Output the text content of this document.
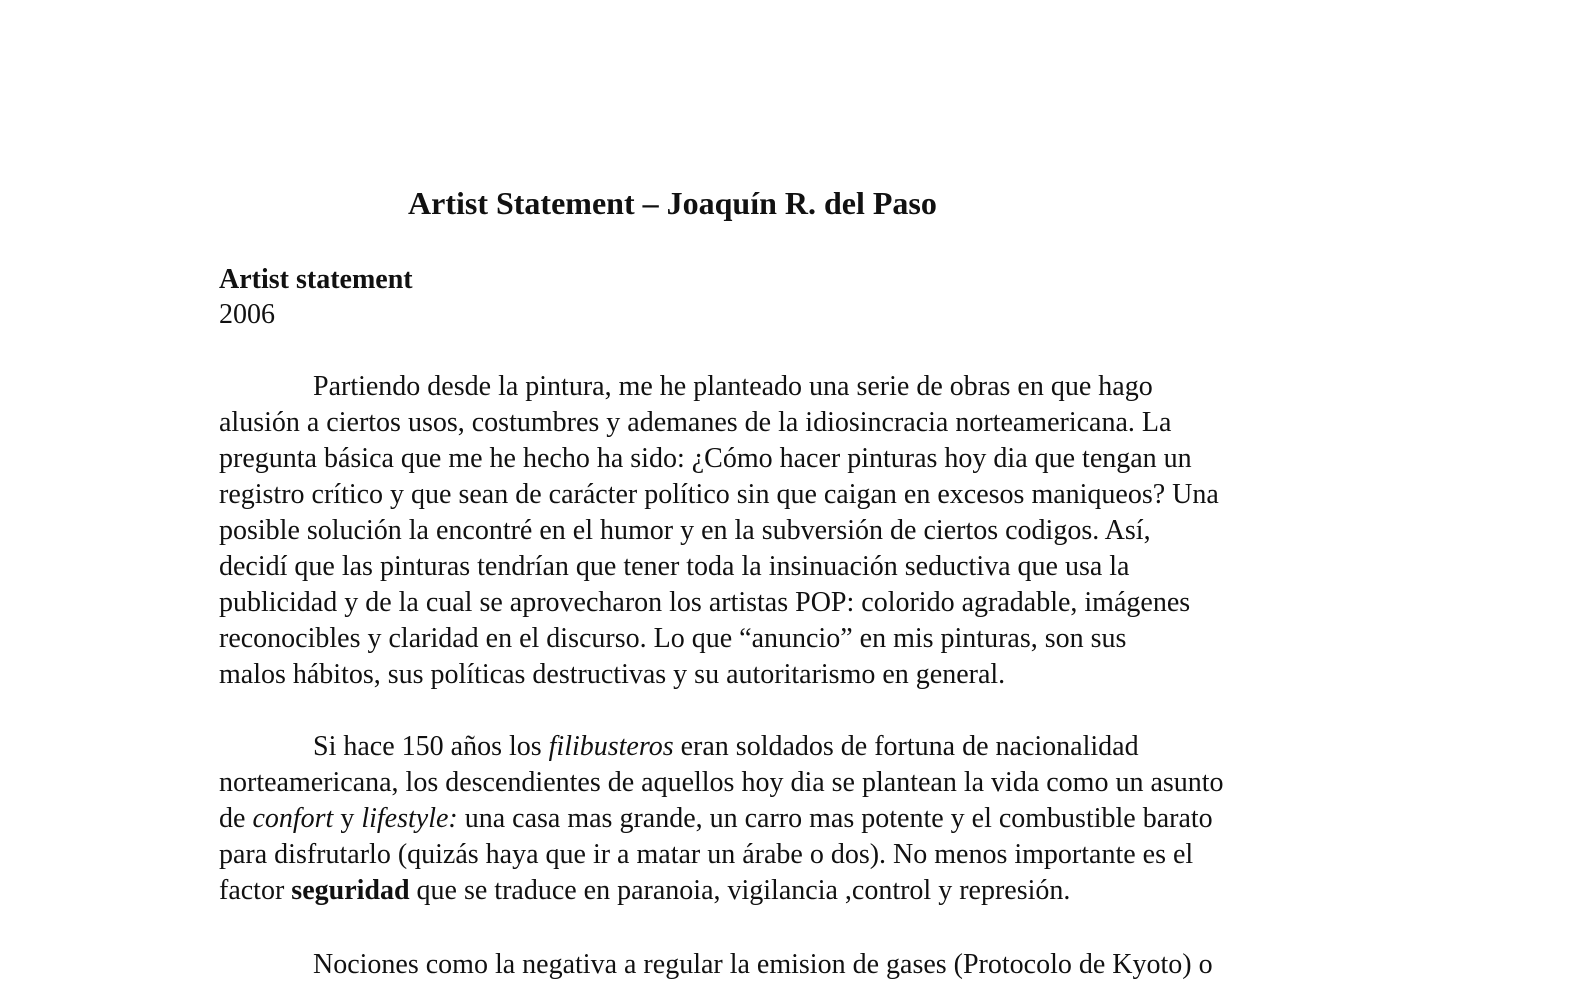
Artist Statement – Joaquín R. del Paso
Artist statement
2006

Partiendo desde la pintura, me he planteado una serie de obras en que hago
alusión a ciertos usos, costumbres y ademanes de la idiosincracia norteamericana. La
pregunta básica que me he hecho ha sido: ¿Cómo hacer pinturas hoy dia que tengan un
registro crítico y que sean de carácter político sin que caigan en excesos maniqueos? Una
posible solución la encontré en el humor y en la subversión de ciertos codigos. Así,
decidí que las pinturas tendrían que tener toda la insinuación seductiva que usa la
publicidad y de la cual se aprovecharon los artistas POP: colorido agradable, imágenes
reconocibles y claridad en el discurso. Lo que “anuncio” en mis pinturas, son sus
malos hábitos, sus políticas destructivas y su autoritarismo en general.

Si hace 150 años los filibusteros eran soldados de fortuna de nacionalidad
norteamericana, los descendientes de aquellos hoy dia se plantean la vida como un asunto
de confort y lifestyle: una casa mas grande, un carro mas potente y el combustible barato
para disfrutarlo (quizás haya que ir a matar un árabe o dos). No menos importante es el
factor seguridad que se traduce en paranoia, vigilancia ,control y represión.

Nociones como la negativa a regular la emision de gases (Protocolo de Kyoto) o
